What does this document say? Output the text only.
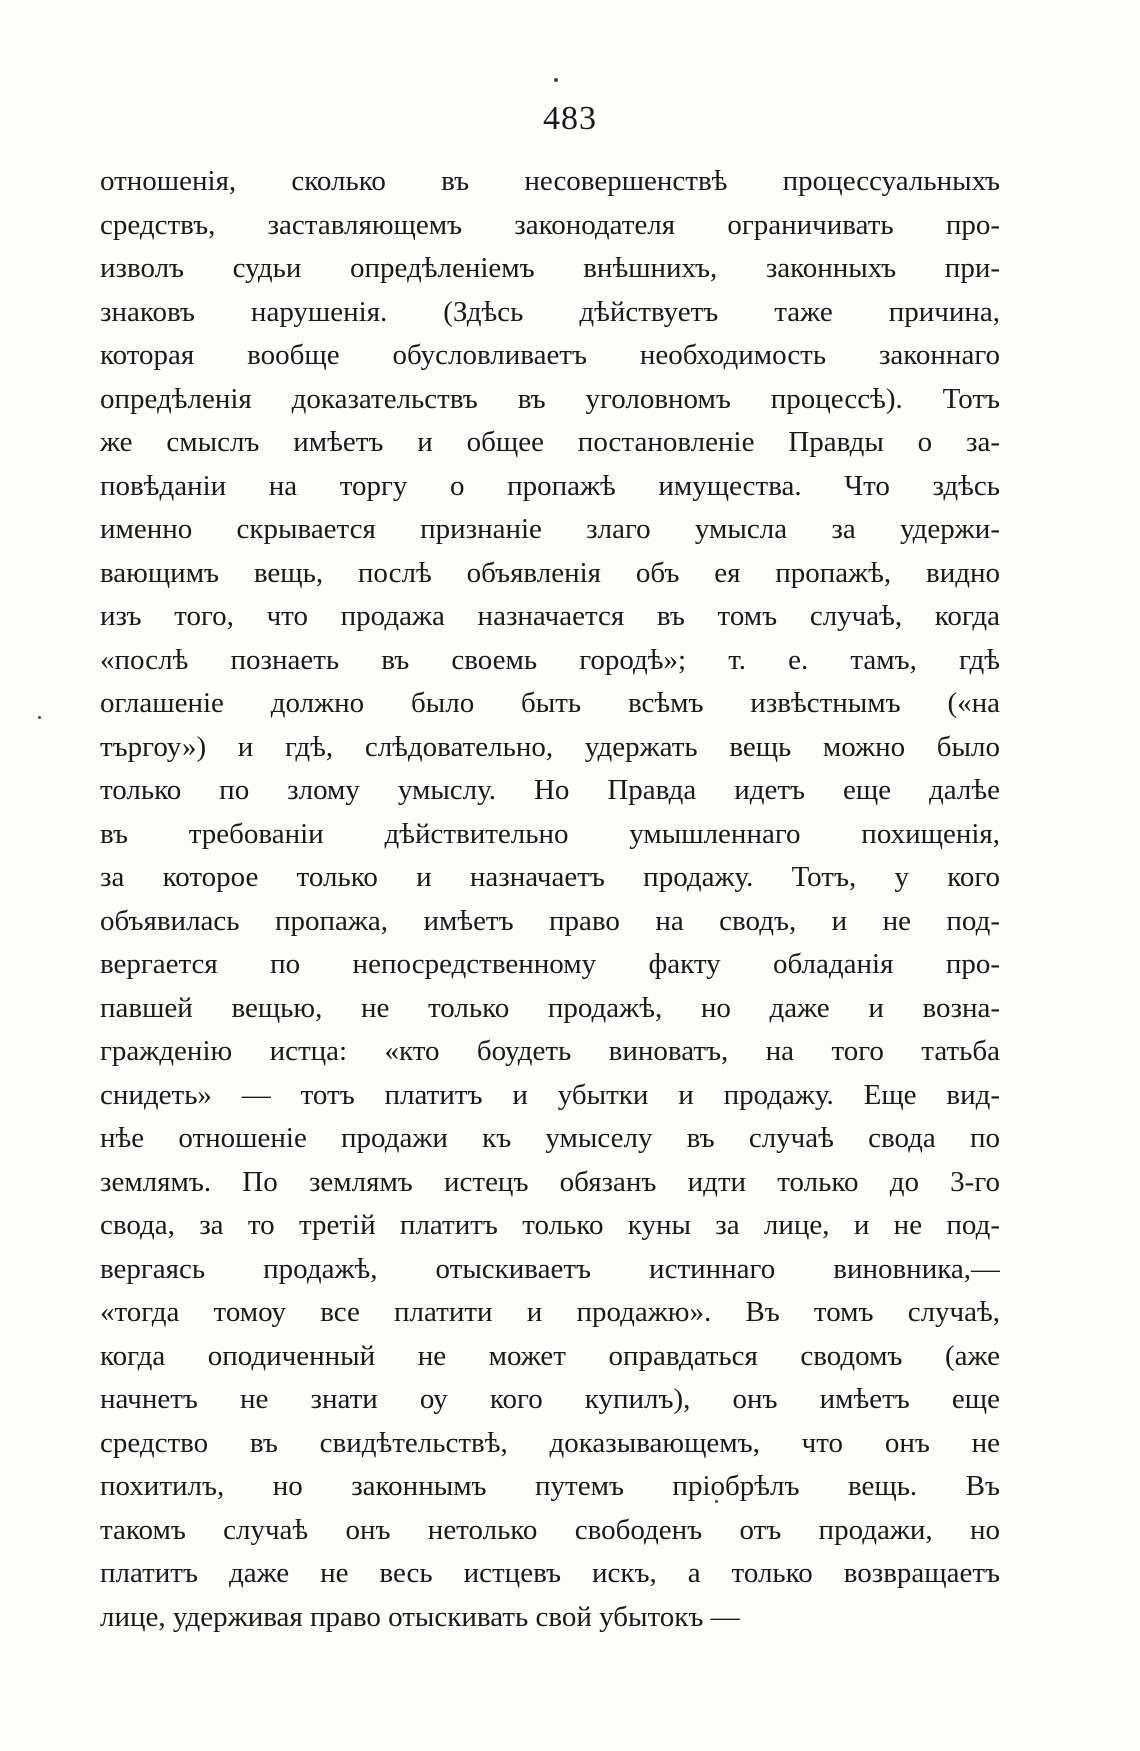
483
отношенія, сколько въ несовершенствѣ процессуальныхъ
средствъ, заставляющемъ законодателя ограничивать про-
изволъ судьи опредѣленіемъ внѣшнихъ, законныхъ при-
знаковъ нарушенія. (Здѣсь дѣйствуетъ таже причина,
которая вообще обусловливаетъ необходимость законнаго
опредѣленія доказательствъ въ уголовномъ процессѣ). Тотъ
же смыслъ имѣетъ и общее постановленіе Правды о за-
повѣданіи на торгу о пропажѣ имущества. Что здѣсь
именно скрывается признаніе злаго умысла за удержи-
вающимъ вещь, послѣ объявленія объ ея пропажѣ, видно
изъ того, что продажа назначается въ томъ случаѣ, когда
«послѣ познаеть въ своемь городѣ»; т. е. тамъ, гдѣ
оглашеніе должно было быть всѣмъ извѣстнымъ («на
търгоу») и гдѣ, слѣдовательно, удержать вещь можно было
только по злому умыслу. Но Правда идетъ еще далѣе
въ требованіи дѣйствительно умышленнаго похищенія,
за которое только и назначаетъ продажу. Тотъ, у кого
объявилась пропажа, имѣетъ право на сводъ, и не под-
вергается по непосредственному факту обладанія про-
павшей вещью, не только продажѣ, но даже и возна-
гражденію истца: «кто боудеть виноватъ, на того татьба
снидеть» — тотъ платитъ и убытки и продажу. Еще вид-
нѣе отношеніе продажи къ умыселу въ случаѣ свода по
землямъ. По землямъ истецъ обязанъ идти только до 3-го
свода, за то третій платитъ только куны за лице, и не под-
вергаясь продажѣ, отыскиваетъ истиннаго виновника,—
«тогда томоу все платити и продажю». Въ томъ случаѣ,
когда оподиченный не может оправдаться сводомъ (аже
начнетъ не знати оу кого купилъ), онъ имѣетъ еще
средство въ свидѣтельствѣ, доказывающемъ, что онъ не
похитилъ, но законнымъ путемъ пріобрѣлъ вещь. Въ
такомъ случаѣ онъ нетолько свободенъ отъ продажи, но
платитъ даже не весь истцевъ искъ, а только возвращаетъ
лице, удерживая право отыскивать свой убытокъ —
